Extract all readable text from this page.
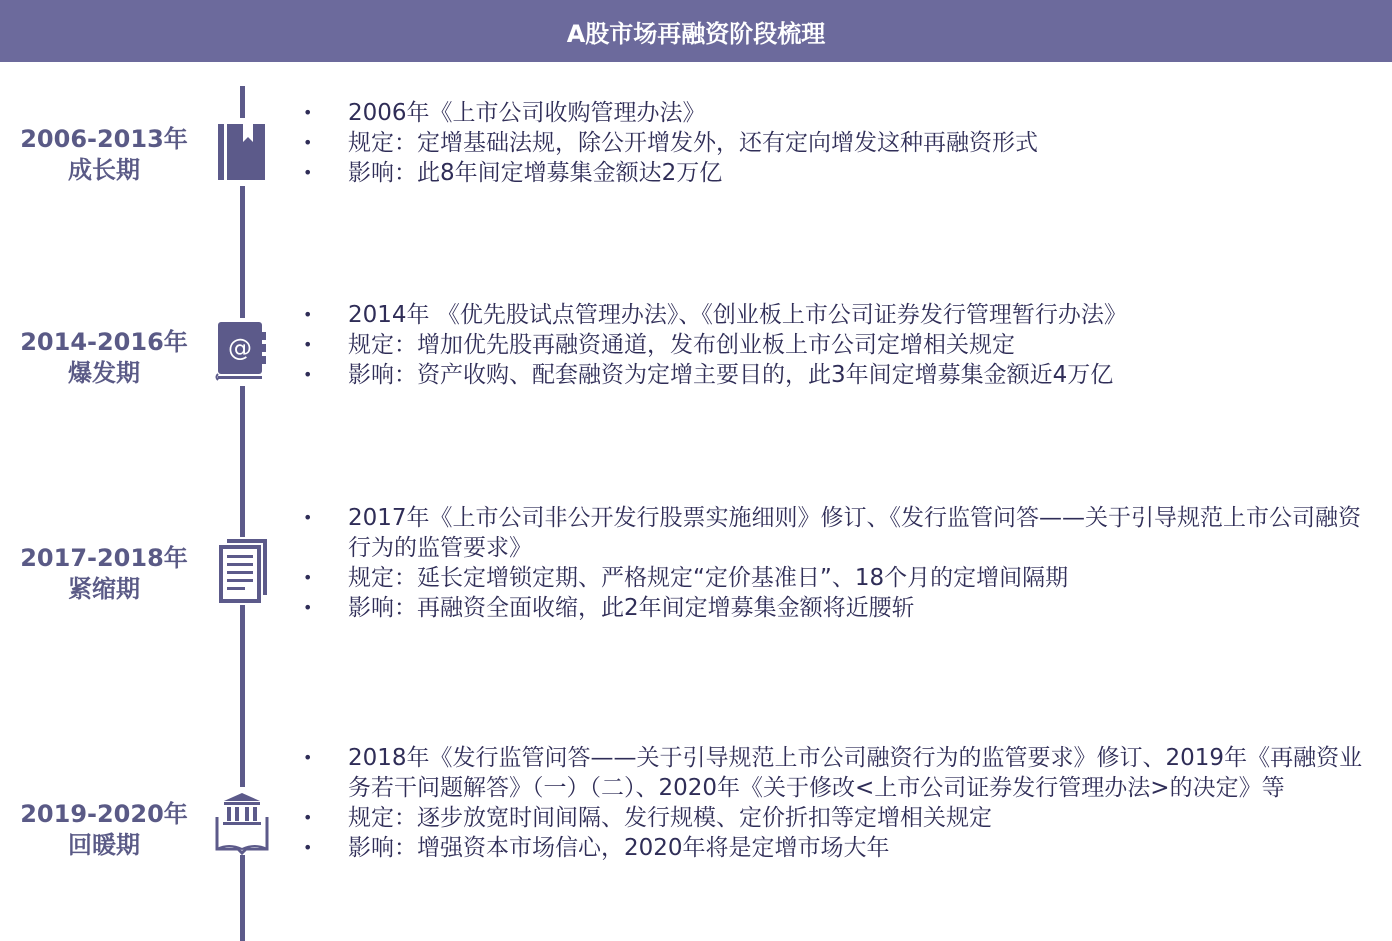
A股市场再融资阶段梳理
2006-2013年
成长期
• 2006年《上市公司收购管理办法》
• 规定：定增基础法规，除公开增发外，还有定向增发这种再融资形式
• 影响：此8年间定增募集金额达2万亿
2014-2016年
爆发期
@
• 2014年 《优先股试点管理办法》、《创业板上市公司证券发行管理暂行办法》
• 规定：增加优先股再融资通道，发布创业板上市公司定增相关规定
• 影响：资产收购、配套融资为定增主要目的，此3年间定增募集金额近4万亿
2017-2018年
紧缩期
• 2017年《上市公司非公开发行股票实施细则》修订、《发行监管问答——关于引导规范上市公司融资行为的监管要求》
• 规定：延长定增锁定期、严格规定“定价基准日”、18个月的定增间隔期
• 影响：再融资全面收缩，此2年间定增募集金额将近腰斩
2019-2020年
回暖期
• 2018年《发行监管问答——关于引导规范上市公司融资行为的监管要求》修订、2019年《再融资业务若干问题解答》（一）（二）、2020年《关于修改<上市公司证券发行管理办法>的决定》等
• 规定：逐步放宽时间间隔、发行规模、定价折扣等定增相关规定
• 影响：增强资本市场信心，2020年将是定增市场大年
